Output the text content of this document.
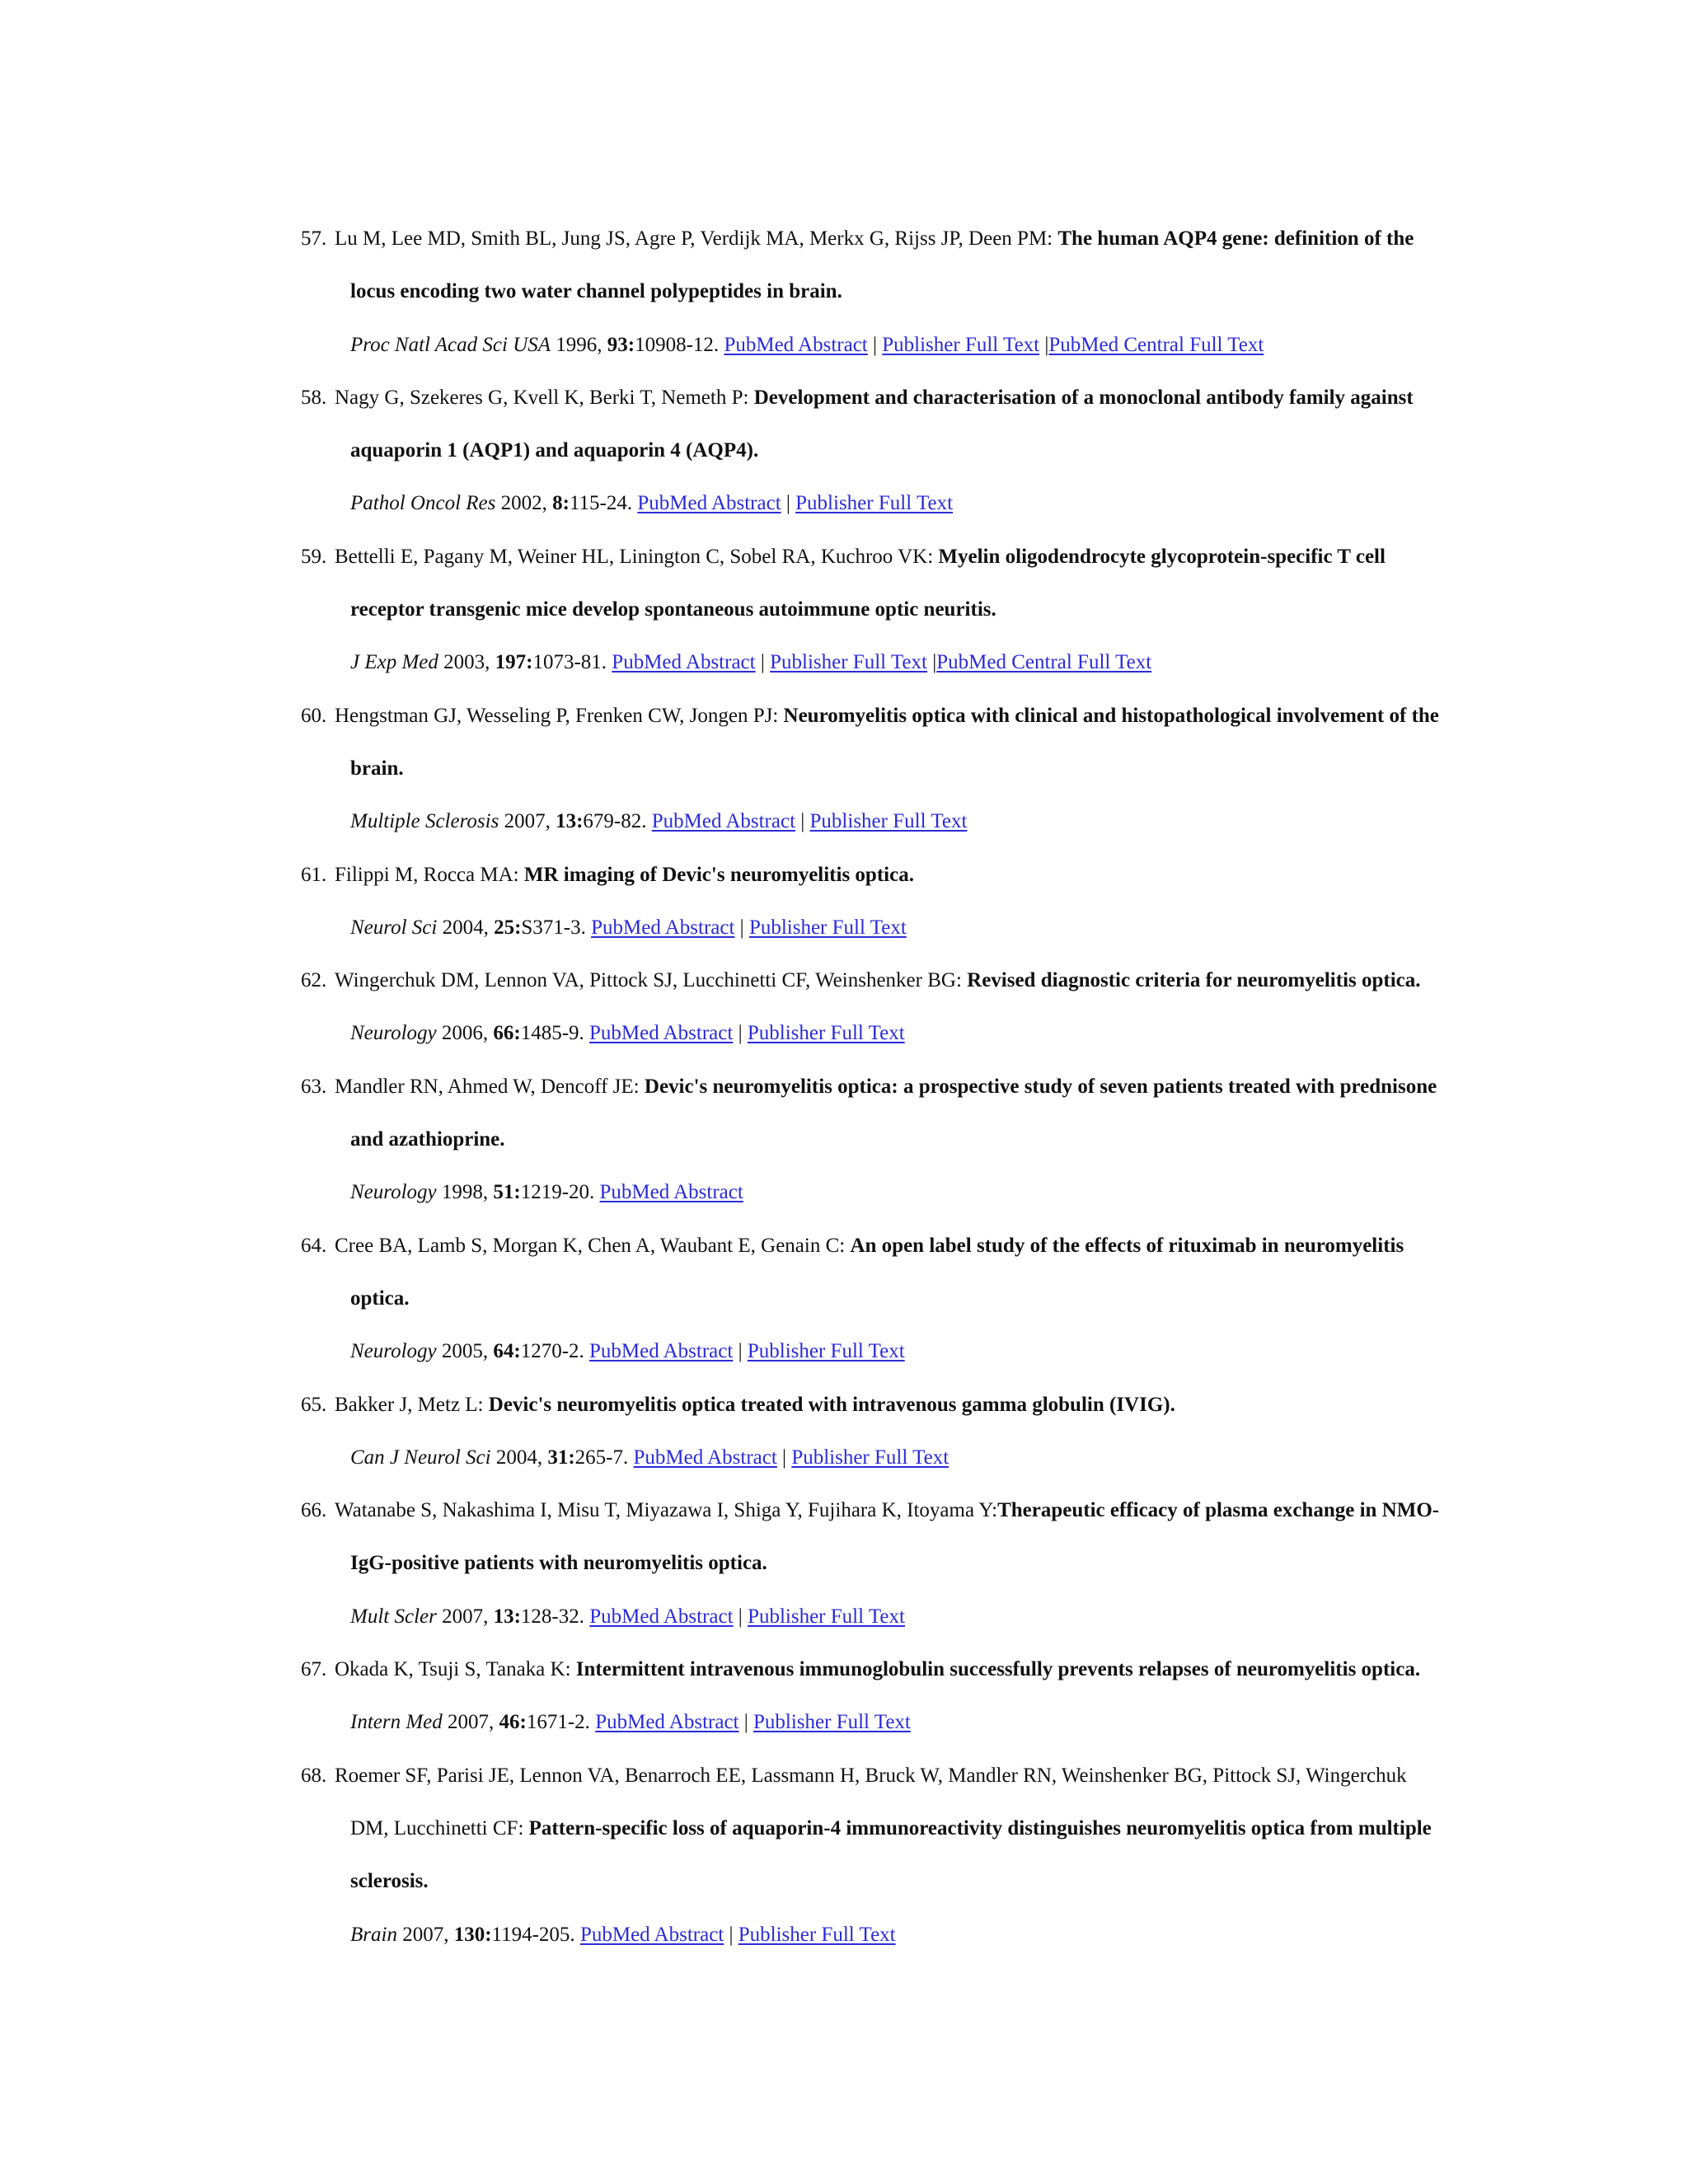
57. Lu M, Lee MD, Smith BL, Jung JS, Agre P, Verdijk MA, Merkx G, Rijss JP, Deen PM: The human AQP4 gene: definition of the
locus encoding two water channel polypeptides in brain.
Proc Natl Acad Sci USA 1996, 93:10908-12. PubMed Abstract | Publisher Full Text |PubMed Central Full Text
58. Nagy G, Szekeres G, Kvell K, Berki T, Nemeth P: Development and characterisation of a monoclonal antibody family against
aquaporin 1 (AQP1) and aquaporin 4 (AQP4).
Pathol Oncol Res 2002, 8:115-24. PubMed Abstract | Publisher Full Text
59. Bettelli E, Pagany M, Weiner HL, Linington C, Sobel RA, Kuchroo VK: Myelin oligodendrocyte glycoprotein-specific T cell
receptor transgenic mice develop spontaneous autoimmune optic neuritis.
J Exp Med 2003, 197:1073-81. PubMed Abstract | Publisher Full Text |PubMed Central Full Text
60. Hengstman GJ, Wesseling P, Frenken CW, Jongen PJ: Neuromyelitis optica with clinical and histopathological involvement of the
brain.
Multiple Sclerosis 2007, 13:679-82. PubMed Abstract | Publisher Full Text
61. Filippi M, Rocca MA: MR imaging of Devic's neuromyelitis optica.
Neurol Sci 2004, 25:S371-3. PubMed Abstract | Publisher Full Text
62. Wingerchuk DM, Lennon VA, Pittock SJ, Lucchinetti CF, Weinshenker BG: Revised diagnostic criteria for neuromyelitis optica.
Neurology 2006, 66:1485-9. PubMed Abstract | Publisher Full Text
63. Mandler RN, Ahmed W, Dencoff JE: Devic's neuromyelitis optica: a prospective study of seven patients treated with prednisone
and azathioprine.
Neurology 1998, 51:1219-20. PubMed Abstract
64. Cree BA, Lamb S, Morgan K, Chen A, Waubant E, Genain C: An open label study of the effects of rituximab in neuromyelitis
optica.
Neurology 2005, 64:1270-2. PubMed Abstract | Publisher Full Text
65. Bakker J, Metz L: Devic's neuromyelitis optica treated with intravenous gamma globulin (IVIG).
Can J Neurol Sci 2004, 31:265-7. PubMed Abstract | Publisher Full Text
66. Watanabe S, Nakashima I, Misu T, Miyazawa I, Shiga Y, Fujihara K, Itoyama Y:Therapeutic efficacy of plasma exchange in NMO-
IgG-positive patients with neuromyelitis optica.
Mult Scler 2007, 13:128-32. PubMed Abstract | Publisher Full Text
67. Okada K, Tsuji S, Tanaka K: Intermittent intravenous immunoglobulin successfully prevents relapses of neuromyelitis optica.
Intern Med 2007, 46:1671-2. PubMed Abstract | Publisher Full Text
68. Roemer SF, Parisi JE, Lennon VA, Benarroch EE, Lassmann H, Bruck W, Mandler RN, Weinshenker BG, Pittock SJ, Wingerchuk
DM, Lucchinetti CF: Pattern-specific loss of aquaporin-4 immunoreactivity distinguishes neuromyelitis optica from multiple
sclerosis.
Brain 2007, 130:1194-205. PubMed Abstract | Publisher Full Text
